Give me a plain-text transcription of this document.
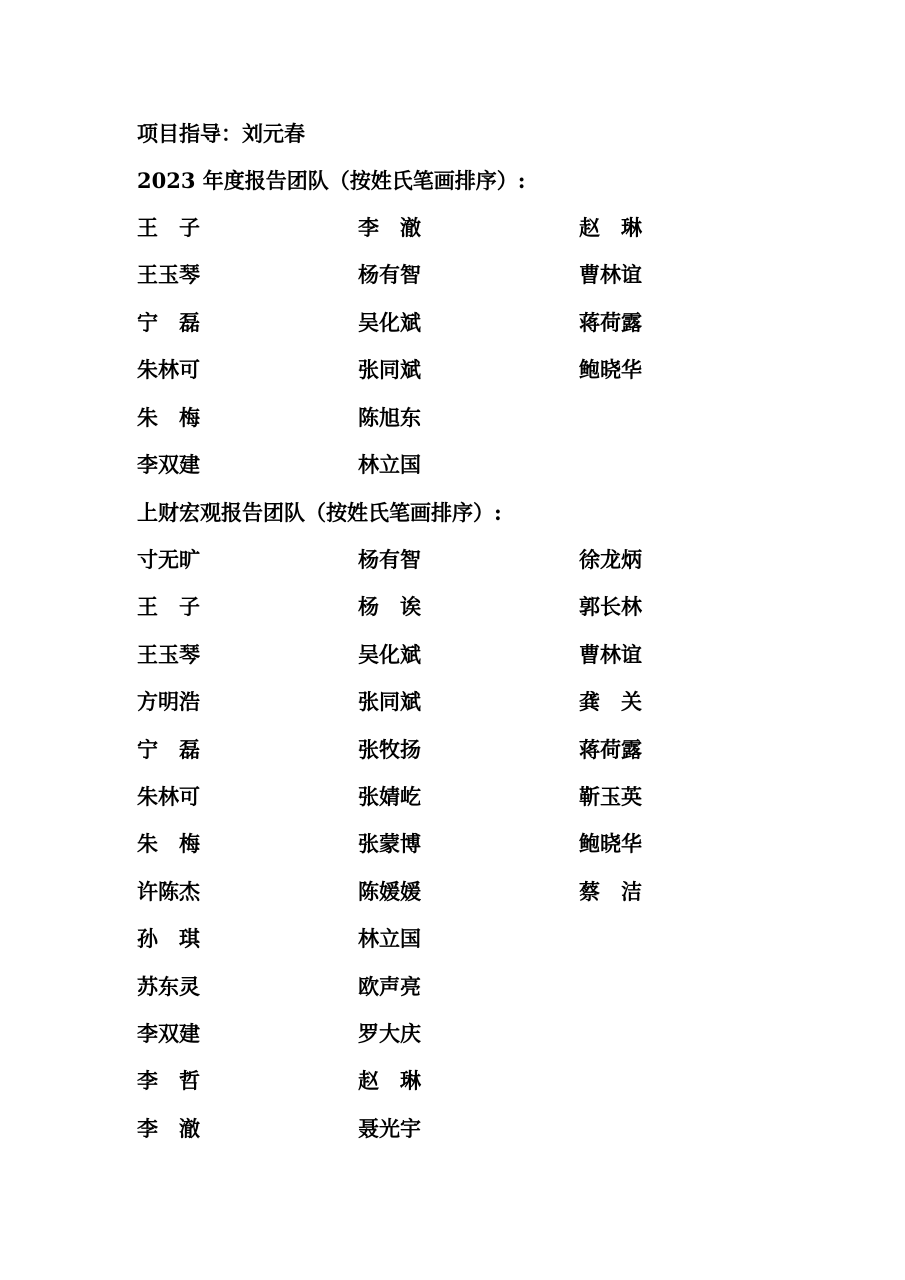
项目指导：刘元春
2023 年度报告团队（按姓氏笔画排序）:
王　子	李　澈	赵　琳
王玉琴	杨有智	曹林谊
宁　磊	吴化斌	蒋荷露
朱林可	张同斌	鲍晓华
朱　梅	陈旭东
李双建	林立国
上财宏观报告团队（按姓氏笔画排序）:
寸无旷	杨有智	徐龙炳
王　子	杨　诶	郭长林
王玉琴	吴化斌	曹林谊
方明浩	张同斌	龚　关
宁　磊	张牧扬	蒋荷露
朱林可	张婧屹	靳玉英
朱　梅	张蒙博	鲍晓华
许陈杰	陈媛媛	蔡　洁
孙　琪	林立国
苏东灵	欧声亮
李双建	罗大庆
李　哲	赵　琳
李　澈	聂光宇
